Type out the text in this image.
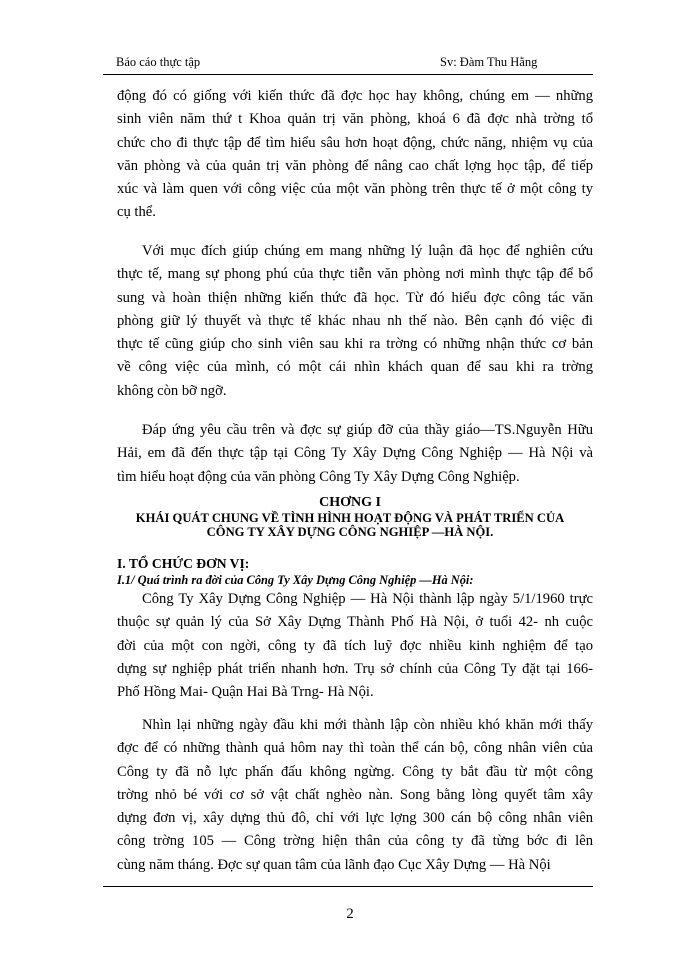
Báo cáo thực tập	Sv: Đàm Thu Hằng
động đó có giống với kiến thức đã đợc học hay không, chúng em — những
sinh viên năm thứ t Khoa quản trị văn phòng, khoá 6 đã đợc nhà trờng tổ
chức cho đi thực tập để tìm hiểu sâu hơn hoạt động, chức năng, nhiệm vụ của
văn phòng và của quản trị văn phòng để nâng cao chất lợng học tập, để tiếp
xúc và làm quen với công việc của một văn phòng trên thực tế ở một công ty
cụ thể.
Với mục đích giúp chúng em mang những lý luận đã học để nghiên cứu
thực tế, mang sự phong phú của thực tiễn văn phòng nơi mình thực tập để bổ
sung và hoàn thiện những kiến thức đã học. Từ đó hiểu đợc công tác văn
phòng giữ lý thuyết và thực tế khác nhau nh thế nào. Bên cạnh đó việc đi
thực tế cũng giúp cho sinh viên sau khi ra trờng có những nhận thức cơ bản
về công việc của mình, có một cái nhìn khách quan để sau khi ra trờng
không còn bỡ ngỡ.
Đáp ứng yêu cầu trên và đợc sự giúp đỡ của thầy giáo—TS.Nguyễn Hữu
Hải, em đã đến thực tập tại Công Ty Xây Dựng Công Nghiệp — Hà Nội và
tìm hiểu hoạt động của văn phòng Công Ty Xây Dựng Công Nghiệp.
CHƠNG I
KHÁI QUÁT CHUNG VỀ TÌNH HÌNH HOẠT ĐỘNG VÀ PHÁT TRIỂN CỦA
CÔNG TY XÂY DỰNG CÔNG NGHIỆP —HÀ NỘI.
I. TỔ CHỨC ĐƠN VỊ:
I.1/ Quá trình ra đời của Công Ty Xây Dựng Công Nghiệp —Hà Nội:
Công Ty Xây Dựng Công Nghiệp — Hà Nội thành lập ngày 5/1/1960 trực
thuộc sự quản lý của Sở Xây Dựng Thành Phố Hà Nội, ở tuổi 42- nh cuộc
đời của một con ngời, công ty đã tích luỹ đợc nhiều kinh nghiệm để tạo
dựng sự nghiệp phát triển nhanh hơn. Trụ sở chính của Công Ty đặt tại 166-
Phố Hồng Mai- Quận Hai Bà Trng- Hà Nội.
Nhìn lại những ngày đầu khi mới thành lập còn nhiều khó khăn mới thấy
đợc để có những thành quả hôm nay thì toàn thể cán bộ, công nhân viên của
Công ty đã nỗ lực phấn đấu không ngừng. Công ty bắt đầu từ một công
trờng nhỏ bé với cơ sở vật chất nghèo nàn. Song bằng lòng quyết tâm xây
dựng đơn vị, xây dựng thủ đô, chỉ với lực lợng 300 cán bộ công nhân viên
công trờng 105 — Công trờng hiện thân của công ty đã từng bớc đi lên
cùng năm tháng. Đợc sự quan tâm của lãnh đạo Cục Xây Dựng — Hà Nội
2
